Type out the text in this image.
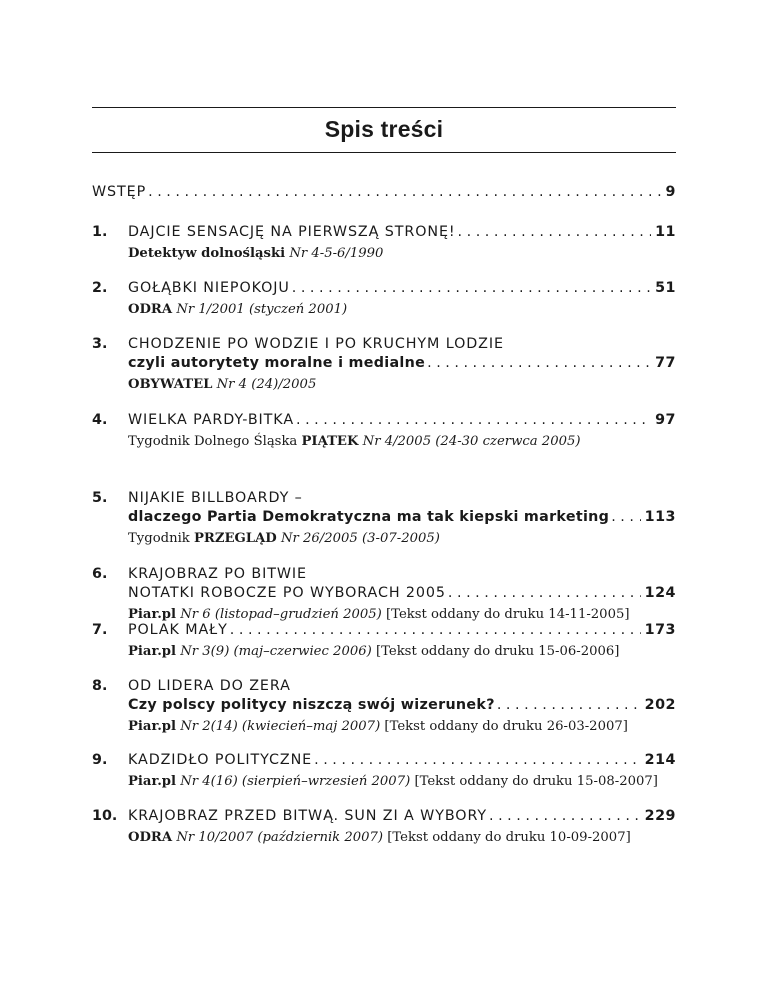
Spis treści
WSTĘP . . .	9
1.	DAJCIE SENSACJĘ NA PIERWSZĄ STRONĘ! . . .	11
Detektyw dolnośląski Nr 4-5-6/1990
2.	GOŁĄBKI NIEPOKOJU . . .	51
ODRA Nr 1/2001 (styczeń 2001)
3.	CHODZENIE PO WODZIE I PO KRUCHYM LODZIE
czyli autorytety moralne i medialne . . .	77
OBYWATEL Nr 4 (24)/2005
4.	WIELKA PARDY-BITKA . . .	97
Tygodnik Dolnego Śląska PIĄTEK Nr 4/2005 (24-30 czerwca 2005)
5.	NIJAKIE BILLBOARDY –
dlaczego Partia Demokratyczna ma tak kiepski marketing . . . 113
Tygodnik PRZEGLĄD Nr 26/2005 (3-07-2005)
6.	KRAJOBRAZ PO BITWIE
NOTATKI ROBOCZE PO WYBORACH 2005 . . .	124
Piar.pl Nr 6 (listopad–grudzień 2005) [Tekst oddany do druku 14-11-2005]
7.	POLAK MAŁY . . .	173
Piar.pl Nr 3(9) (maj–czerwiec 2006) [Tekst oddany do druku 15-06-2006]
8.	OD LIDERA DO ZERA
Czy polscy politycy niszczą swój wizerunek? . . .	202
Piar.pl Nr 2(14) (kwiecień–maj 2007) [Tekst oddany do druku 26-03-2007]
9.	KADZIDŁO POLITYCZNE . . .	214
Piar.pl Nr 4(16) (sierpień–wrzesień 2007) [Tekst oddany do druku 15-08-2007]
10. KRAJOBRAZ PRZED BITWĄ. SUN ZI A WYBORY . . .	229
ODRA Nr 10/2007 (październik 2007) [Tekst oddany do druku 10-09-2007]
